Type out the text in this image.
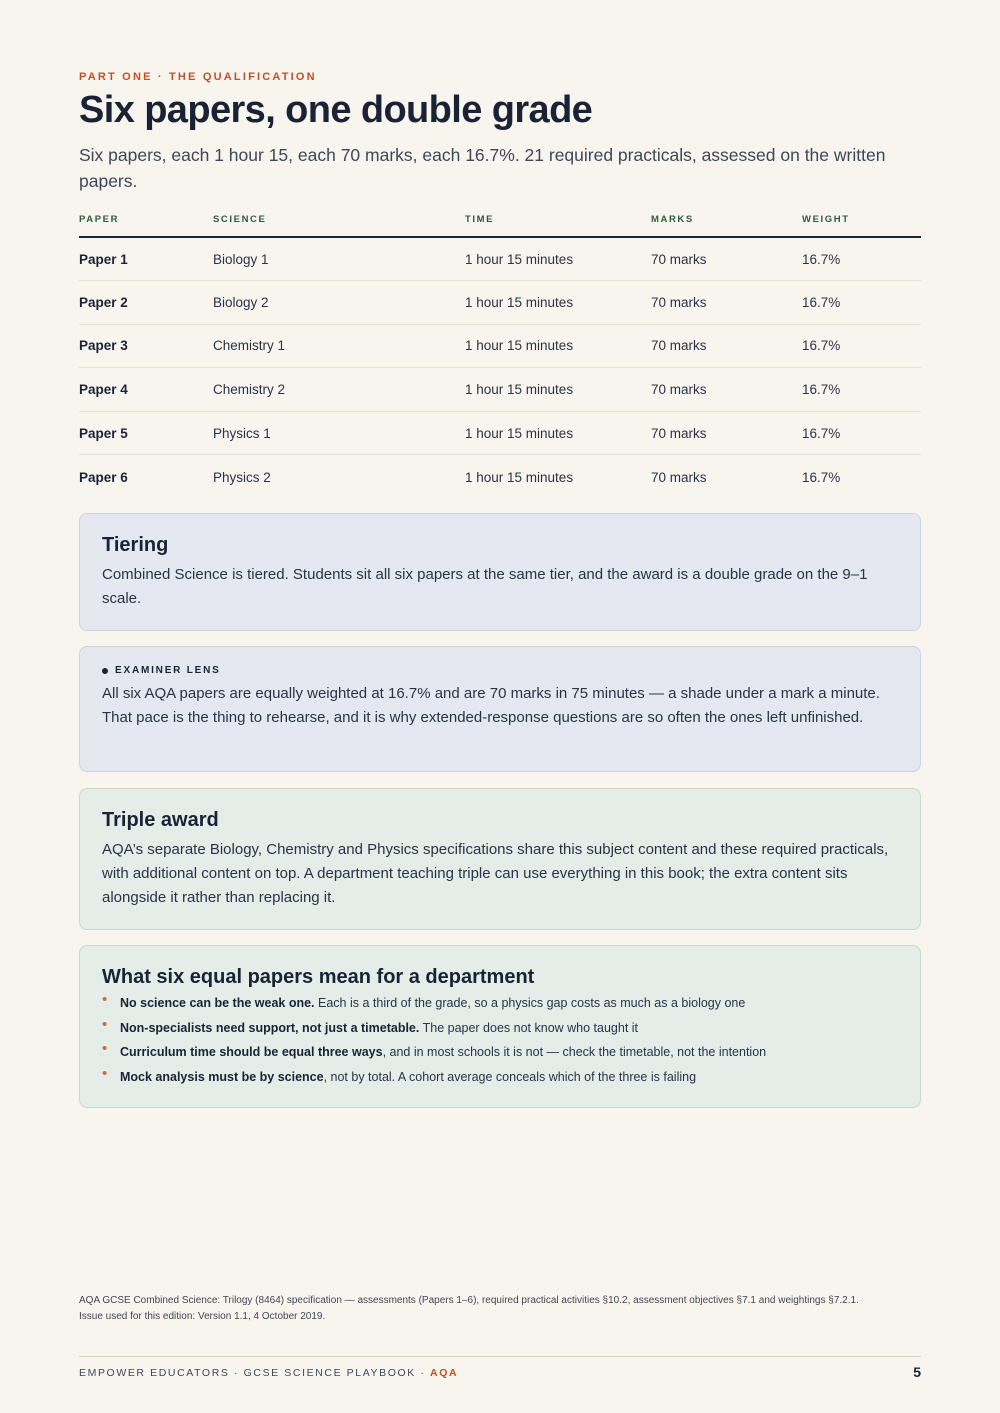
PART ONE · THE QUALIFICATION
Six papers, one double grade

Six papers, each 1 hour 15, each 70 marks, each 16.7%. 21 required practicals, assessed on the written papers.

PAPER	SCIENCE	TIME	MARKS	WEIGHT
Paper 1	Biology 1	1 hour 15 minutes	70 marks	16.7%
Paper 2	Biology 2	1 hour 15 minutes	70 marks	16.7%
Paper 3	Chemistry 1	1 hour 15 minutes	70 marks	16.7%
Paper 4	Chemistry 2	1 hour 15 minutes	70 marks	16.7%
Paper 5	Physics 1	1 hour 15 minutes	70 marks	16.7%
Paper 6	Physics 2	1 hour 15 minutes	70 marks	16.7%
Tiering

Combined Science is tiered. Students sit all six papers at the same tier, and the award is a double grade on the 9–1 scale.

EXAMINER LENS

All six AQA papers are equally weighted at 16.7% and are 70 marks in 75 minutes — a shade under a mark a minute. That pace is the thing to rehearse, and it is why extended-response questions are so often the ones left unfinished.

Triple award

AQA’s separate Biology, Chemistry and Physics specifications share this subject content and these required practicals, with additional content on top. A department teaching triple can use everything in this book; the extra content sits alongside it rather than replacing it.

What six equal papers mean for a department
• No science can be the weak one. Each is a third of the grade, so a physics gap costs as much as a biology one
• Non-specialists need support, not just a timetable. The paper does not know who taught it
• Curriculum time should be equal three ways, and in most schools it is not — check the timetable, not the intention
• Mock analysis must be by science, not by total. A cohort average conceals which of the three is failing
AQA GCSE Combined Science: Trilogy (8464) specification — assessments (Papers 1–6), required practical activities §10.2, assessment objectives §7.1 and weightings §7.2.1.
Issue used for this edition: Version 1.1, 4 October 2019.
EMPOWER EDUCATORS · GCSE SCIENCE PLAYBOOK · AQA	5
